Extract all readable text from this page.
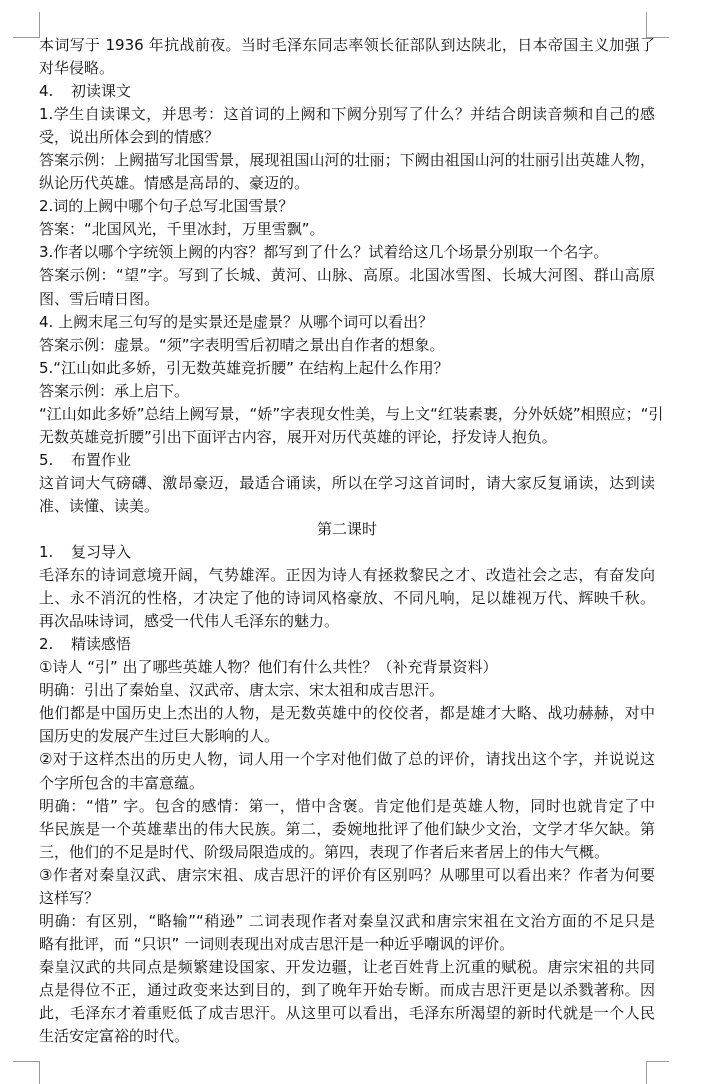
本词写于 1936 年抗战前夜。当时毛泽东同志率领长征部队到达陕北，日本帝国主义加强了
对华侵略。
4. 初读课文
1.学生自读课文，并思考：这首词的上阙和下阙分别写了什么？并结合朗读音频和自己的感
受，说出所体会到的情感？
答案示例：上阙描写北国雪景，展现祖国山河的壮丽；下阙由祖国山河的壮丽引出英雄人物，
纵论历代英雄。情感是高昂的、豪迈的。
2.词的上阙中哪个句子总写北国雪景？
答案：“北国风光，千里冰封，万里雪飘”。
3.作者以哪个字统领上阙的内容？都写到了什么？试着给这几个场景分别取一个名字。
答案示例：“望”字。写到了长城、黄河、山脉、高原。北国冰雪图、长城大河图、群山高原
图、雪后晴日图。
4. 上阙末尾三句写的是实景还是虚景？从哪个词可以看出？
答案示例：虚景。“须”字表明雪后初晴之景出自作者的想象。
5.“江山如此多娇，引无数英雄竞折腰” 在结构上起什么作用？
答案示例：承上启下。
“江山如此多娇”总结上阙写景，“娇”字表现女性美，与上文“红装素裹，分外妖娆”相照应；“引
无数英雄竞折腰”引出下面评古内容，展开对历代英雄的评论，抒发诗人抱负。
5. 布置作业
这首词大气磅礴、激昂豪迈，最适合诵读，所以在学习这首词时，请大家反复诵读，达到读
准、读懂、读美。
第二课时
1. 复习导入
毛泽东的诗词意境开阔，气势雄浑。正因为诗人有拯救黎民之才、改造社会之志，有奋发向
上、永不消沉的性格，才决定了他的诗词风格豪放、不同凡响，足以雄视万代、辉映千秋。
再次品味诗词，感受一代伟人毛泽东的魅力。
2. 精读感悟
①诗人 “引” 出了哪些英雄人物？他们有什么共性？（补充背景资料）
明确：引出了秦始皇、汉武帝、唐太宗、宋太祖和成吉思汗。
他们都是中国历史上杰出的人物，是无数英雄中的佼佼者，都是雄才大略、战功赫赫，对中
国历史的发展产生过巨大影响的人。
②对于这样杰出的历史人物，词人用一个字对他们做了总的评价，请找出这个字，并说说这
个字所包含的丰富意蕴。
明确：“惜” 字。包含的感情：第一，惜中含褒。肯定他们是英雄人物，同时也就肯定了中
华民族是一个英雄辈出的伟大民族。第二，委婉地批评了他们缺少文治，文学才华欠缺。第
三，他们的不足是时代、阶级局限造成的。第四，表现了作者后来者居上的伟大气概。
③作者对秦皇汉武、唐宗宋祖、成吉思汗的评价有区别吗？从哪里可以看出来？作者为何要
这样写？
明确：有区别，“略输”“稍逊” 二词表现作者对秦皇汉武和唐宗宋祖在文治方面的不足只是
略有批评，而 “只识” 一词则表现出对成吉思汗是一种近乎嘲讽的评价。
秦皇汉武的共同点是频繁建设国家、开发边疆，让老百姓背上沉重的赋税。唐宗宋祖的共同
点是得位不正，通过政变来达到目的，到了晚年开始专断。而成吉思汗更是以杀戮著称。因
此，毛泽东才着重贬低了成吉思汗。从这里可以看出，毛泽东所渴望的新时代就是一个人民
生活安定富裕的时代。
